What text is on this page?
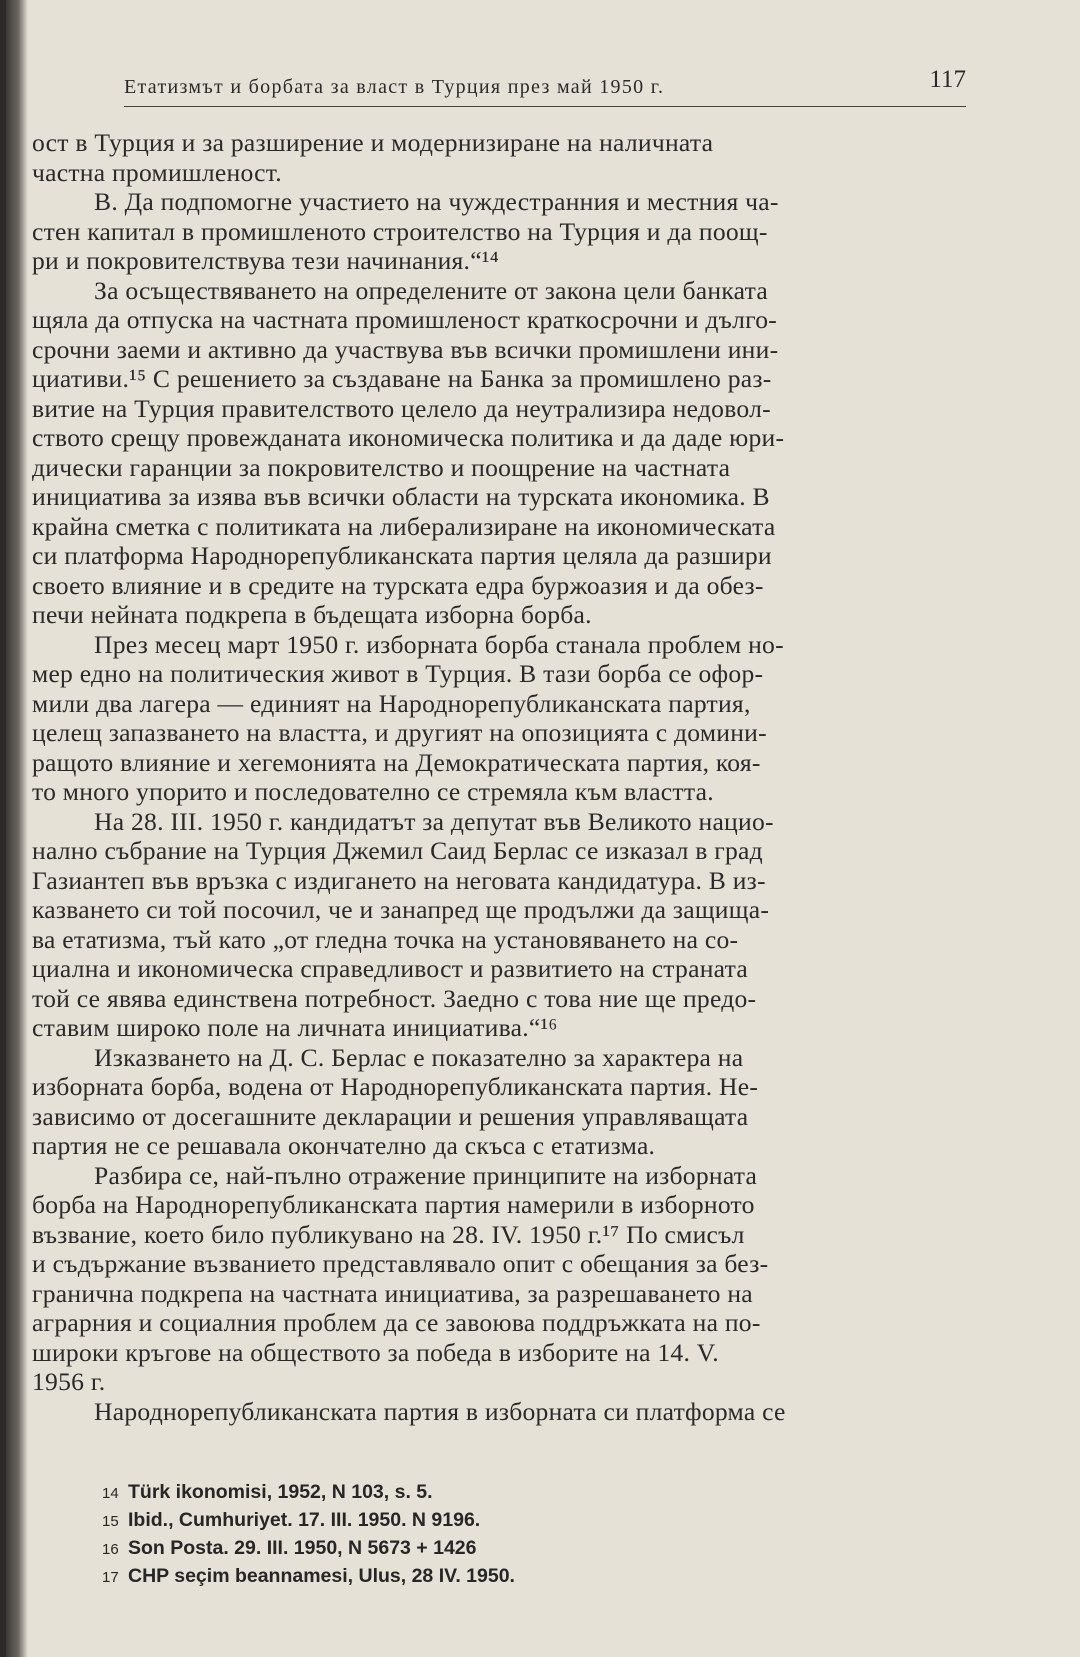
Етатизмът и борбата за власт в Турция през май 1950 г.	117
ост в Турция и за разширение и модернизиране на наличната
частна промишленост.
В. Да подпомогне участието на чуждестранния и местния ча-
стен капитал в промишленото строителство на Турция и да поощ-
ри и покровителствува тези начинания.“¹⁴
За осъществяването на определените от закона цели банката
щяла да отпуска на частната промишленост краткосрочни и дълго-
срочни заеми и активно да участвува във всички промишлени ини-
циативи.¹⁵ С решението за създаване на Банка за промишлено раз-
витие на Турция правителството целело да неутрализира недовол-
ството срещу провежданата икономическа политика и да даде юри-
дически гаранции за покровителство и поощрение на частната
инициатива за изява във всички области на турската икономика. В
крайна сметка с политиката на либерализиране на икономическата
си платформа Народнорепубликанската партия целяла да разшири
своето влияние и в средите на турската едра буржоазия и да обез-
печи нейната подкрепа в бъдещата изборна борба.
През месец март 1950 г. изборната борба станала проблем но-
мер едно на политическия живот в Турция. В тази борба се офор-
мили два лагера — единият на Народнорепубликанската партия,
целещ запазването на властта, и другият на опозицията с домини-
ращото влияние и хегемонията на Демократическата партия, коя-
то много упорито и последователно се стремяла към властта.
На 28. III. 1950 г. кандидатът за депутат във Великото нацио-
нално събрание на Турция Джемил Саид Берлас се изказал в град
Газиантеп във връзка с издигането на неговата кандидатура. В из-
казването си той посочил, че и занапред ще продължи да защища-
ва етатизма, тъй като „от гледна точка на установяването на со-
циална и икономическа справедливост и развитието на страната
той се явява единствена потребност. Заедно с това ние ще предо-
ставим широко поле на личната инициатива.“¹⁶
Изказването на Д. С. Берлас е показателно за характера на
изборната борба, водена от Народнорепубликанската партия. Не-
зависимо от досегашните декларации и решения управляващата
партия не се решавала окончателно да скъса с етатизма.
Разбира се, най-пълно отражение принципите на изборната
борба на Народнорепубликанската партия намерили в изборното
възвание, което било публикувано на 28. IV. 1950 г.¹⁷ По смисъл
и съдържание възванието представлявало опит с обещания за без-
гранична подкрепа на частната инициатива, за разрешаването на
аграрния и социалния проблем да се завоюва поддръжката на по-
широки кръгове на обществото за победа в изборите на 14. V.
1956 г.
Народнорепубликанската партия в изборната си платформа се
14 Türk ikonomisi, 1952, N 103, s. 5.
15 Ibid., Cumhuriyet. 17. III. 1950. N 9196.
16 Son Posta. 29. III. 1950, N 5673 + 1426
17 CHP seçim beannamesi, Ulus, 28 IV. 1950.
